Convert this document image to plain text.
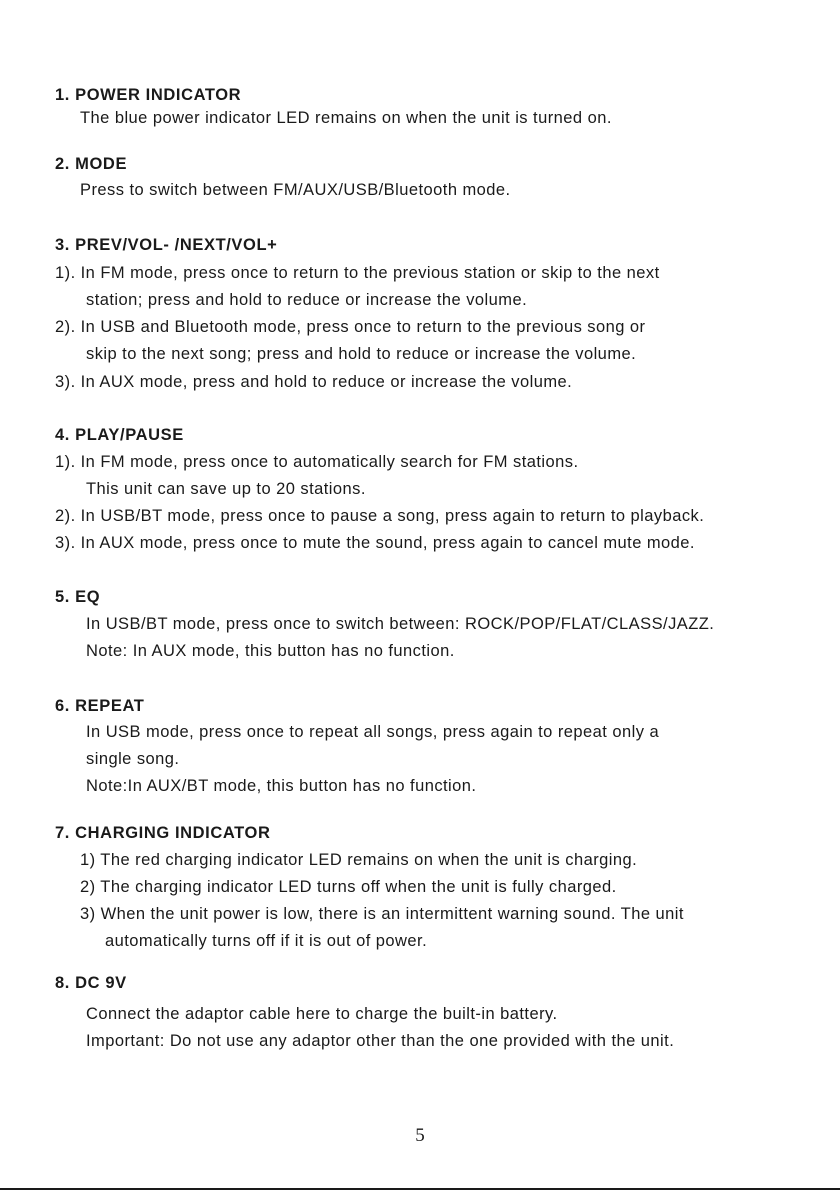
1. POWER INDICATOR
The blue power indicator LED remains on when the unit is turned on.
2. MODE
Press to switch between FM/AUX/USB/Bluetooth mode.
3. PREV/VOL- /NEXT/VOL+
1). In FM mode, press once to return to the previous station or skip to the next
station; press and hold to reduce or increase the volume.
2). In USB and Bluetooth mode, press once to return to the previous song or
skip to the next song; press and hold to reduce or increase the volume.
3). In AUX mode, press and hold to reduce or increase the volume.
4. PLAY/PAUSE
1). In FM mode, press once to automatically search for FM stations.
This unit can save up to 20 stations.
2). In USB/BT mode, press once to pause a song, press again to return to playback.
3). In AUX mode, press once to mute the sound, press again to cancel mute mode.
5. EQ
In USB/BT mode, press once to switch between: ROCK/POP/FLAT/CLASS/JAZZ.
Note: In AUX mode, this button has no function.
6. REPEAT
In USB mode, press once to repeat all songs, press again to repeat only a
single song.
Note:In AUX/BT mode, this button has no function.
7. CHARGING INDICATOR
1) The red charging indicator LED remains on when the unit is charging.
2) The charging indicator LED turns off when the unit is fully charged.
3) When the unit power is low, there is an intermittent warning sound. The unit
automatically turns off if it is out of power.
8. DC 9V
Connect the adaptor cable here to charge the built-in battery.
Important: Do not use any adaptor other than the one provided with the unit.
5
